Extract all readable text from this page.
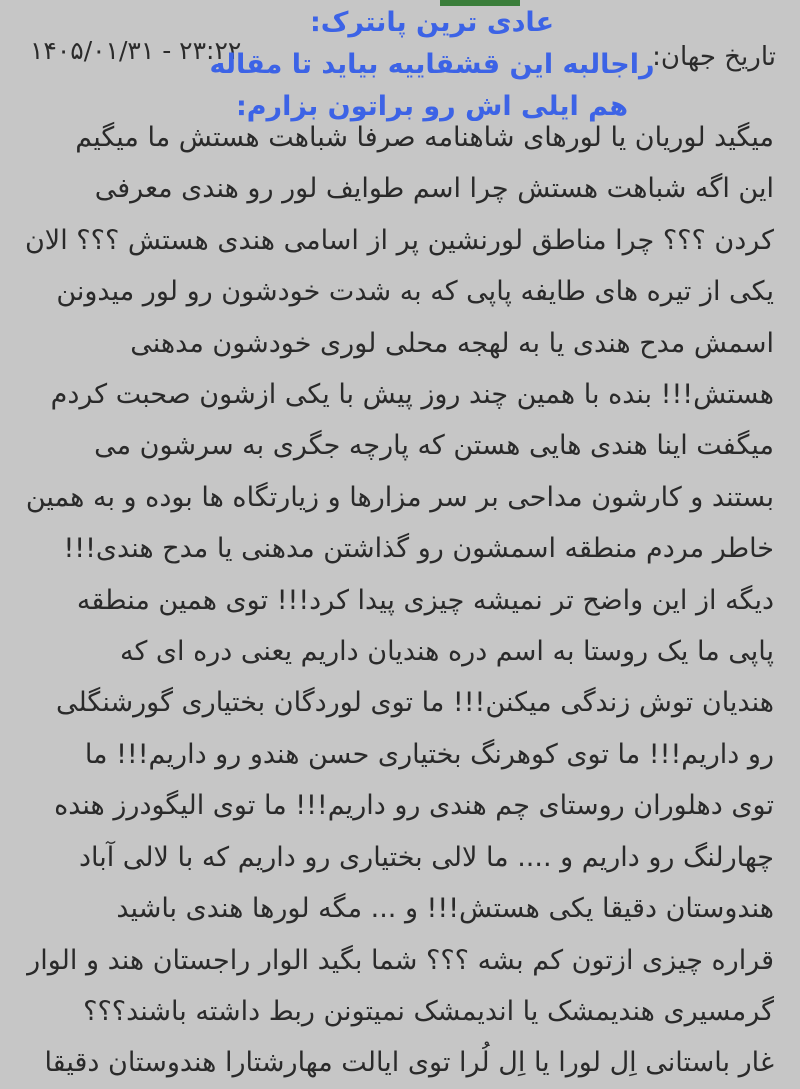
تاریخ جهان:
۱۴۰۵/۰۱/۳۱ - ۲۳:۲۲
عادی ترین پانترک:
راجالبه این قشقاییه بیاید تا مقاله
هم ایلی اش رو براتون بزارم:
میگید لوریان یا لورهای شاهنامه صرفا شباهت هستش ما میگیم
این اگه شباهت هستش چرا اسم طوایف لور رو هندی معرفی
کردن ؟؟؟ چرا مناطق لورنشین پر از اسامی هندی هستش ؟؟؟ الان
یکی از تیره های طایفه پاپی که به شدت خودشون رو لور میدونن
اسمش مدح هندی یا به لهجه محلی لوری خودشون مدهنی
هستش!!! بنده با همین چند روز پیش با یکی ازشون صحبت کردم
میگفت اینا هندی هایی هستن که پارچه جگری به سرشون می
بستند و کارشون مداحی بر سر مزارها و زیارتگاه ها بوده و به همین
خاطر مردم منطقه اسمشون رو گذاشتن مدهنی یا مدح هندی!!!
دیگه از این واضح تر نمیشه چیزی پیدا کرد!!! توی همین منطقه
پاپی ما یک روستا به اسم دره هندیان داریم یعنی دره ای که
هندیان توش زندگی میکنن!!! ما توی لوردگان بختیاری گورشنگلی
رو داریم!!! ما توی کوهرنگ بختیاری حسن هندو رو داریم!!! ما
توی دهلوران روستای چم هندی رو داریم!!! ما توی الیگودرز هنده
چهارلنگ رو داریم و .... ما لالی بختیاری رو داریم که با لالی آباد
هندوستان دقیقا یکی هستش!!! و ... مگه لورها هندی باشید
قراره چیزی ازتون کم بشه ؟؟؟ شما بگید الوار راجستان هند و الوار
گرمسیری هندیمشک یا اندیمشک نمیتونن ربط داشته باشند؟؟؟
غار باستانی اِل لورا یا اِل لُرا توی ایالت مهارشتارا هندوستان دقیقا
